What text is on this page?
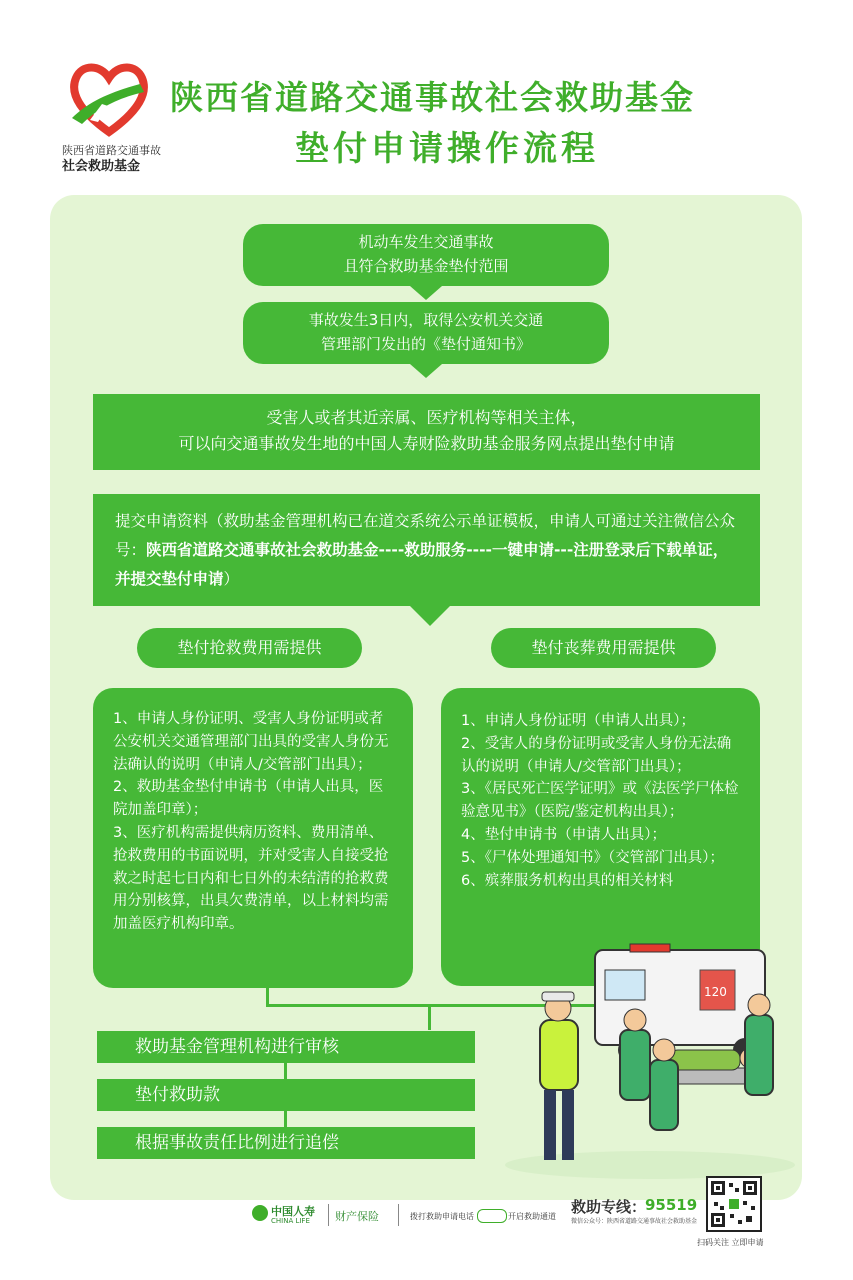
陕西省道路交通事故
社会救助基金
陕西省道路交通事故社会救助基金
垫付申请操作流程
机动车发生交通事故
且符合救助基金垫付范围
事故发生3日内，取得公安机关交通
管理部门发出的《垫付通知书》
受害人或者其近亲属、医疗机构等相关主体，
可以向交通事故发生地的中国人寿财险救助基金服务网点提出垫付申请
提交申请资料（救助基金管理机构已在道交系统公示单证模板，申请人可通过关注微信公众号：陕西省道路交通事故社会救助基金----救助服务----一键申请---注册登录后下载单证，并提交垫付申请）
垫付抢救费用需提供	垫付丧葬费用需提供

1、申请人身份证明、受害人身份证明或者公安机关交通管理部门出具的受害人身份无法确认的说明（申请人/交管部门出具）；

2、救助基金垫付申请书（申请人出具，医院加盖印章）；

3、医疗机构需提供病历资料、费用清单、抢救费用的书面说明，并对受害人自接受抢救之时起七日内和七日外的未结清的抢救费用分别核算，出具欠费清单，以上材料均需加盖医疗机构印章。

1、申请人身份证明（申请人出具）；

2、受害人的身份证明或受害人身份无法确认的说明（申请人/交管部门出具）；

3、《居民死亡医学证明》或《法医学尸体检验意见书》（医院/鉴定机构出具）；

4、垫付申请书（申请人出具）；

5、《尸体处理通知书》（交管部门出具）；

6、殡葬服务机构出具的相关材料

救助基金管理机构进行审核
垫付救助款
根据事故责任比例进行追偿
120
中国人寿
CHINA LIFE 财产保险	拨打救助申请电话	开启救助通道
救助专线：
95519
微信公众号：陕西省道路交通事故社会救助基金
扫码关注 立即申请
